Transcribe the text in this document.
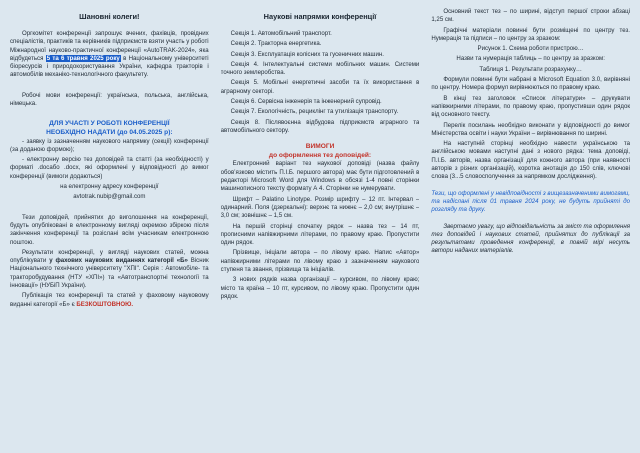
Шановні колеги!

Оргкомітет конференції запрошує вчених, фахівців, провідних спеціалістів, практиків та керівників підприємств взяти участь у роботі Міжнародної науково-практичної конференції «AutoTRAK-2024», яка відбудеться 5 та 6 травня 2025 року в Національному університеті біоресурсів і природокористування України, кафедра тракторів і автомобілів механіко-технологічного факультету.

Робочі мови конференції: українська, польська, англійська, німецька.

ДЛЯ УЧАСТІ У РОБОТІ КОНФЕРЕНЦІЇ
НЕОБХІДНО НАДАТИ (до 04.05.2025 р):

- заявку із зазначенням наукового напрямку (секції) конференції (за доданою формою);

- електронну версію тез доповідей та статті (за необхідності) у форматі .docабо .docx, які оформлені у відповідності до вимог конференції (вимоги додаються)

на електронну адресу конференції

avtotrak.nubip@gmail.com

Тези доповідей, прийнятих до виголошення на конференції, будуть опубліковані в електронному вигляді окремою збіркою після закінчення конференції та розіслані всім учасникам електронною поштою.

Результати конференції, у вигляді наукових статей, можна опублікувати у фахових наукових виданнях категорії «Б» Вісник Національного технічного університету "ХПІ". Серія : Автомобіле- та тракторобудування (НТУ «ХПІ») та «Автотранспортні технології та інновації» (НУБіП України).

Публікація тез конференції та статей у фаховому науковому виданні категорії «Б» є БЕЗКОШТОВНОЮ.

Наукові напрямки конференції

Секція 1. Автомобільний транспорт.

Секція 2. Тракторна енергетика.

Секція 3. Експлуатація колісних та гусеничних машин.

Секція 4. Інтелектуальні системи мобільних машин. Системи точного землеробства.

Секція 5. Мобільні енергетичні засоби та їх використання в аграрному секторі.

Секція 6. Сервісна інженерія та інженерний супровід.

Секція 7. Екологічність, рециклінг та утилізація транспорту.

Секція 8. Післявоєнна відбудова підприємств аграрного та автомобільного сектору.

ВИМОГИ
до оформлення тез доповідей:

Електронний варіант тез наукової доповіді (назва файлу обов’язково містить П.І.Б. першого автора) має бути підготовлений в редакторі Microsoft Word для Windows в обсязі 1-4 повні сторінки машинописного тексту формату А 4. Сторінки не нумерувати.

Шрифт – Palatino Linotype. Розмір шрифту – 12 пт. Інтервал – одинарний. Поля (дзеркальні): верхнє та нижнє – 2,0 см; внутрішнє – 3,0 см; зовнішнє – 1,5 см.

На першій сторінці спочатку рядок – назва тез – 14 пт, прописними напівжирними літерами, по правому краю. Пропустити один рядок.

Прізвище, ініціали автора – по лівому краю. Напис «Автор» напівжирними літерами по лівому краю з зазначенням наукового ступеня та звання, прізвища та ініціалів.

З нових рядків назва організації – курсивом, по лівому краю; місто та країна – 10 пт, курсивом, по лівому краю. Пропустити один рядок.

Основний текст тез – по ширині, відступ першої строки абзаці 1,25 см.

Графічні матеріали повинні бути розміщені по центру тез. Нумерація та підписи – по центру за зразком:

Рисунок 1. Схема роботи пристрою…

Назви та нумерація таблиць – по центру за зразком:

Таблиця 1. Результати розрахунку…

Формули повинні бути набрані в Microsoft Equation 3.0, вирівняні по центру. Номера формул вирівнюються по правому краю.

В кінці тез заголовок «Список літератури» – друкувати напівжирними літерами, по правому краю, пропустивши один рядок від основного тексту.

Перелік посилань необхідно виконати у відповідності до вимог Міністерства освіти і науки України – вирівнювання по ширині.

На наступній сторінці необхідно навести українською та англійською мовами наступні дані з нового рядка: тема доповіді, П.І.Б. авторів, назва організації для кожного автора (при наявності авторів з різних організацій), коротка анотація до 150 слів, ключові слова (3...5 словосполучення за напрямком дослідження).

Тези, що оформлені у невідповідності з вищезазначеними вимогами, та надіслані після 01 травня 2024 року, не будуть прийняті до розгляду та друку.

Звертаємо увагу, що відповідальність за зміст та оформлення тез доповідей і наукових статей, прийнятих до публікації за результатами проведення конференції, в повній мірі несуть автори наданих матеріалів.
